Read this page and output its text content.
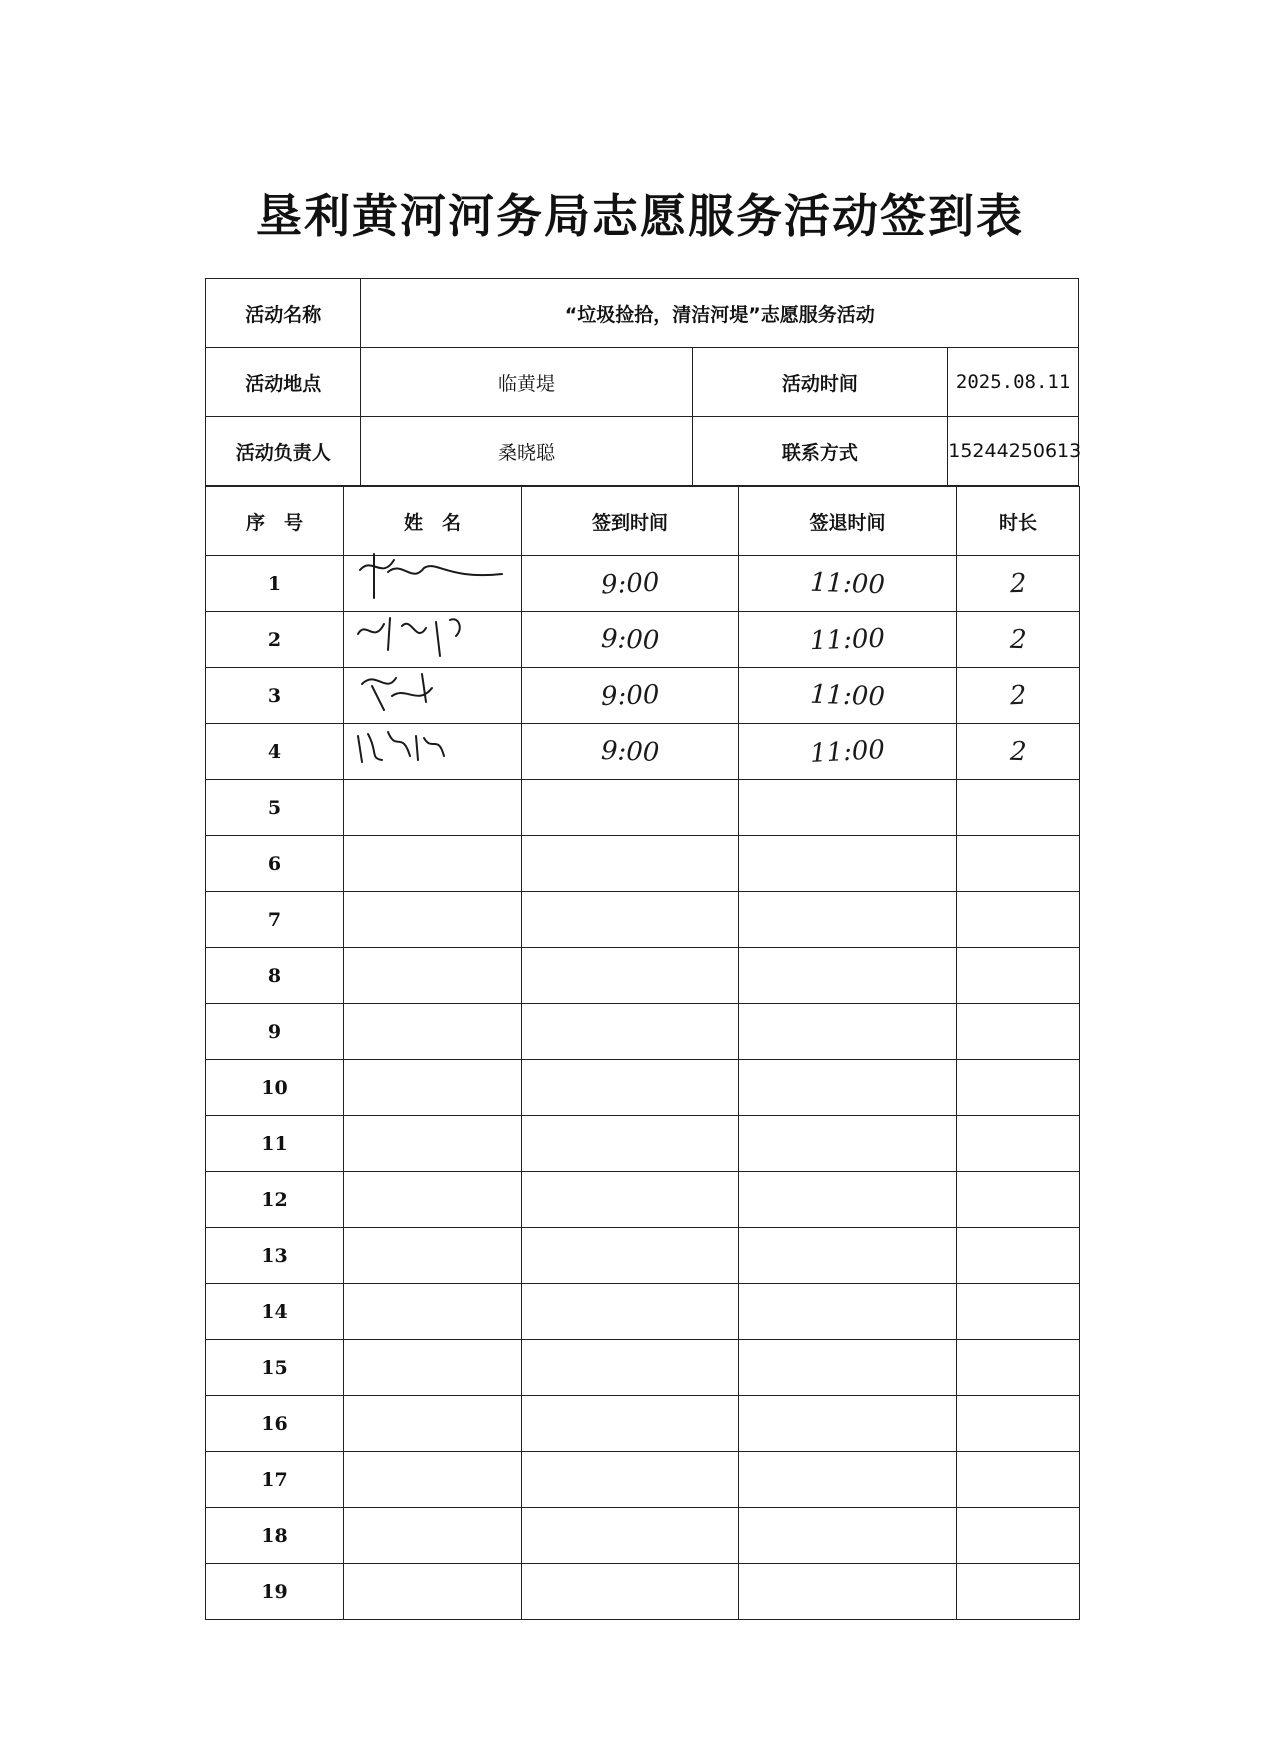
垦利黄河河务局志愿服务活动签到表
活动名称	“垃圾捡拾，清洁河堤”志愿服务活动		
活动地点	临黄堤	活动时间	2025.08.11
活动负责人	桑晓聪	联系方式	15244250613
序　号	姓　名	签到时间	签退时间	时长
1		9:00	11:00	2
2		9:00	11:00	2
3		9:00	11:00	2
4		9:00	11:00	2
5				
6				
7				
8				
9				
10				
11				
12				
13				
14				
15				
16				
17				
18				
19				
